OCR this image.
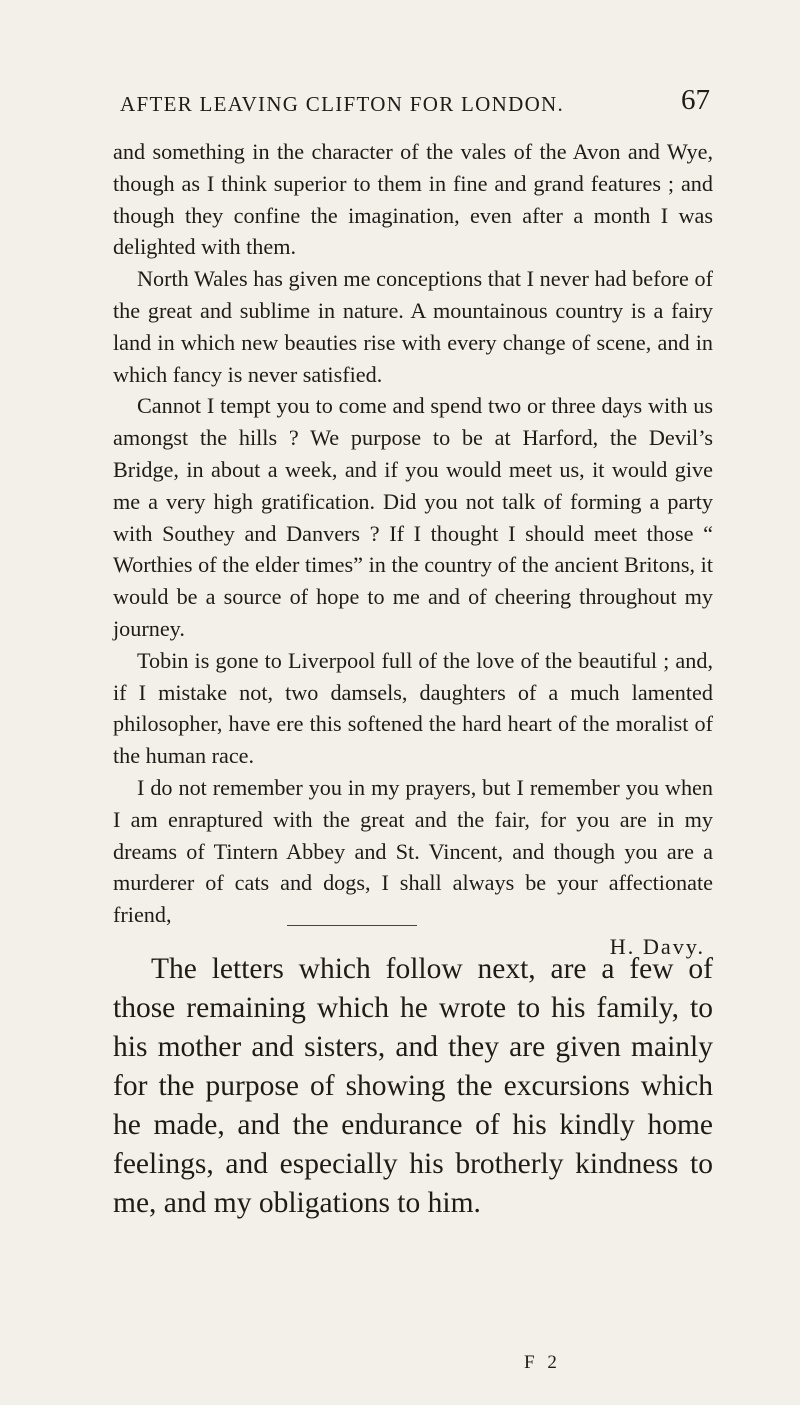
AFTER LEAVING CLIFTON FOR LONDON.	67

and something in the character of the vales of the Avon and Wye, though as I think superior to them in fine and grand features ; and though they confine the imagination, even after a month I was delighted with them.

North Wales has given me conceptions that I never had before of the great and sublime in nature. A mountainous country is a fairy land in which new beauties rise with every change of scene, and in which fancy is never satisfied.

Cannot I tempt you to come and spend two or three days with us amongst the hills ? We purpose to be at Harford, the Devil’s Bridge, in about a week, and if you would meet us, it would give me a very high gratification. Did you not talk of forming a party with Southey and Danvers ? If I thought I should meet those “ Worthies of the elder times” in the country of the ancient Britons, it would be a source of hope to me and of cheering throughout my journey.

Tobin is gone to Liverpool full of the love of the beautiful ; and, if I mistake not, two damsels, daughters of a much lamented philosopher, have ere this softened the hard heart of the moralist of the human race.

I do not remember you in my prayers, but I remember you when I am enraptured with the great and the fair, for you are in my dreams of Tintern Abbey and St. Vincent, and though you are a murderer of cats and dogs, I shall always be your affectionate friend,

H. Davy.

The letters which follow next, are a few of those remaining which he wrote to his family, to his mother and sisters, and they are given mainly for the purpose of showing the excursions which he made, and the endurance of his kindly home feelings, and especially his brotherly kindness to me, and my obligations to him.

F 2
